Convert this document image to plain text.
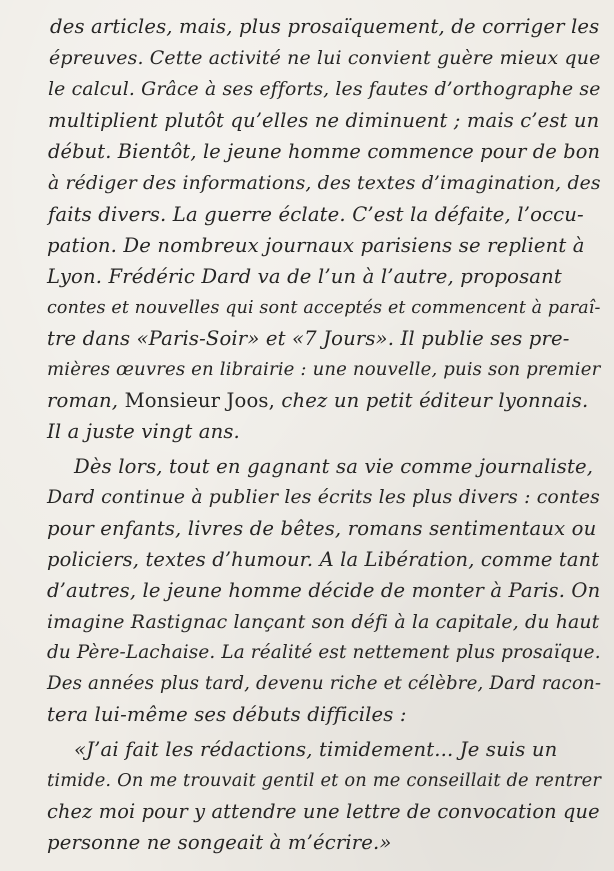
des articles, mais, plus prosaïquement, de corriger les
épreuves. Cette activité ne lui convient guère mieux que
le calcul. Grâce à ses efforts, les fautes d’orthographe se
multiplient plutôt qu’elles ne diminuent ; mais c’est un
début. Bientôt, le jeune homme commence pour de bon
à rédiger des informations, des textes d’imagination, des
faits divers. La guerre éclate. C’est la défaite, l’occu-
pation. De nombreux journaux parisiens se replient à
Lyon. Frédéric Dard va de l’un à l’autre, proposant
contes et nouvelles qui sont acceptés et commencent à paraî-
tre dans «Paris-Soir» et «7 Jours». Il publie ses pre-
mières œuvres en librairie : une nouvelle, puis son premier
roman, Monsieur Joos, chez un petit éditeur lyonnais.
Il a juste vingt ans.
Dès lors, tout en gagnant sa vie comme journaliste,
Dard continue à publier les écrits les plus divers : contes
pour enfants, livres de bêtes, romans sentimentaux ou
policiers, textes d’humour. A la Libération, comme tant
d’autres, le jeune homme décide de monter à Paris. On
imagine Rastignac lançant son défi à la capitale, du haut
du Père-Lachaise. La réalité est nettement plus prosaïque.
Des années plus tard, devenu riche et célèbre, Dard racon-
tera lui-même ses débuts difficiles :
«J’ai fait les rédactions, timidement... Je suis un
timide. On me trouvait gentil et on me conseillait de rentrer
chez moi pour y attendre une lettre de convocation que
personne ne songeait à m’écrire.»
